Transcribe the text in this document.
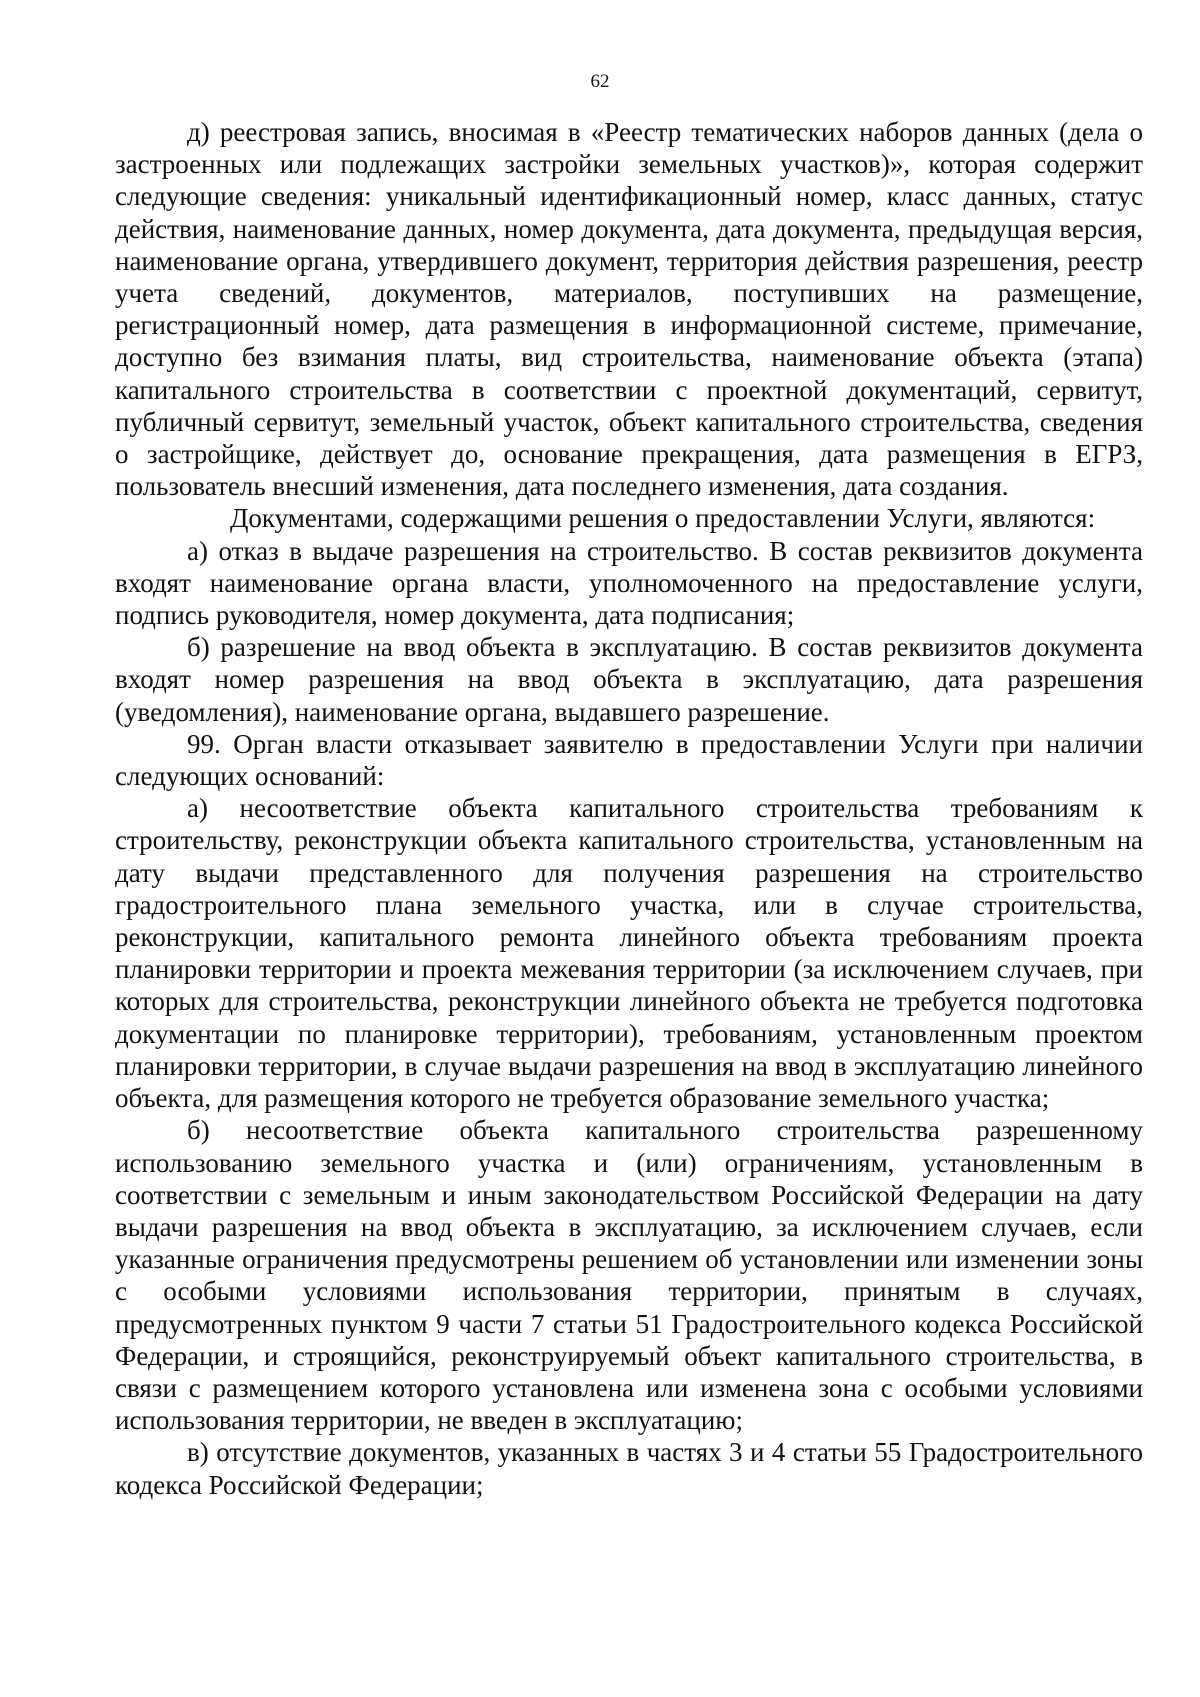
62

д) реестровая запись, вносимая в «Реестр тематических наборов данных (дела о застроенных или подлежащих застройки земельных участков)», которая содержит следующие сведения: уникальный идентификационный номер, класс данных, статус действия, наименование данных, номер документа, дата документа, предыдущая версия, наименование органа, утвердившего документ, территория действия разрешения, реестр учета сведений, документов, материалов, поступивших на размещение, регистрационный номер, дата размещения в информационной системе, примечание, доступно без взимания платы, вид строительства, наименование объекта (этапа) капитального строительства в соответствии с проектной документаций, сервитут, публичный сервитут, земельный участок, объект капитального строительства, сведения о застройщике, действует до, основание прекращения, дата размещения в ЕГРЗ, пользователь внесший изменения, дата последнего изменения, дата создания.

Документами, содержащими решения о предоставлении Услуги, являются:

а) отказ в выдаче разрешения на строительство. В состав реквизитов документа входят наименование органа власти, уполномоченного на предоставление услуги, подпись руководителя, номер документа, дата подписания;

б) разрешение на ввод объекта в эксплуатацию. В состав реквизитов документа входят номер разрешения на ввод объекта в эксплуатацию, дата разрешения (уведомления), наименование органа, выдавшего разрешение.

99. Орган власти отказывает заявителю в предоставлении Услуги при наличии следующих оснований:

а) несоответствие объекта капитального строительства требованиям к строительству, реконструкции объекта капитального строительства, установленным на дату выдачи представленного для получения разрешения на строительство градостроительного плана земельного участка, или в случае строительства, реконструкции, капитального ремонта линейного объекта требованиям проекта планировки территории и проекта межевания территории (за исключением случаев, при которых для строительства, реконструкции линейного объекта не требуется подготовка документации по планировке территории), требованиям, установленным проектом планировки территории, в случае выдачи разрешения на ввод в эксплуатацию линейного объекта, для размещения которого не требуется образование земельного участка;

б) несоответствие объекта капитального строительства разрешенному использованию земельного участка и (или) ограничениям, установленным в соответствии с земельным и иным законодательством Российской Федерации на дату выдачи разрешения на ввод объекта в эксплуатацию, за исключением случаев, если указанные ограничения предусмотрены решением об установлении или изменении зоны с особыми условиями использования территории, принятым в случаях, предусмотренных пунктом 9 части 7 статьи 51 Градостроительного кодекса Российской Федерации, и строящийся, реконструируемый объект капитального строительства, в связи с размещением которого установлена или изменена зона с особыми условиями использования территории, не введен в эксплуатацию;

в) отсутствие документов, указанных в частях 3 и 4 статьи 55 Градостроительного кодекса Российской Федерации;
